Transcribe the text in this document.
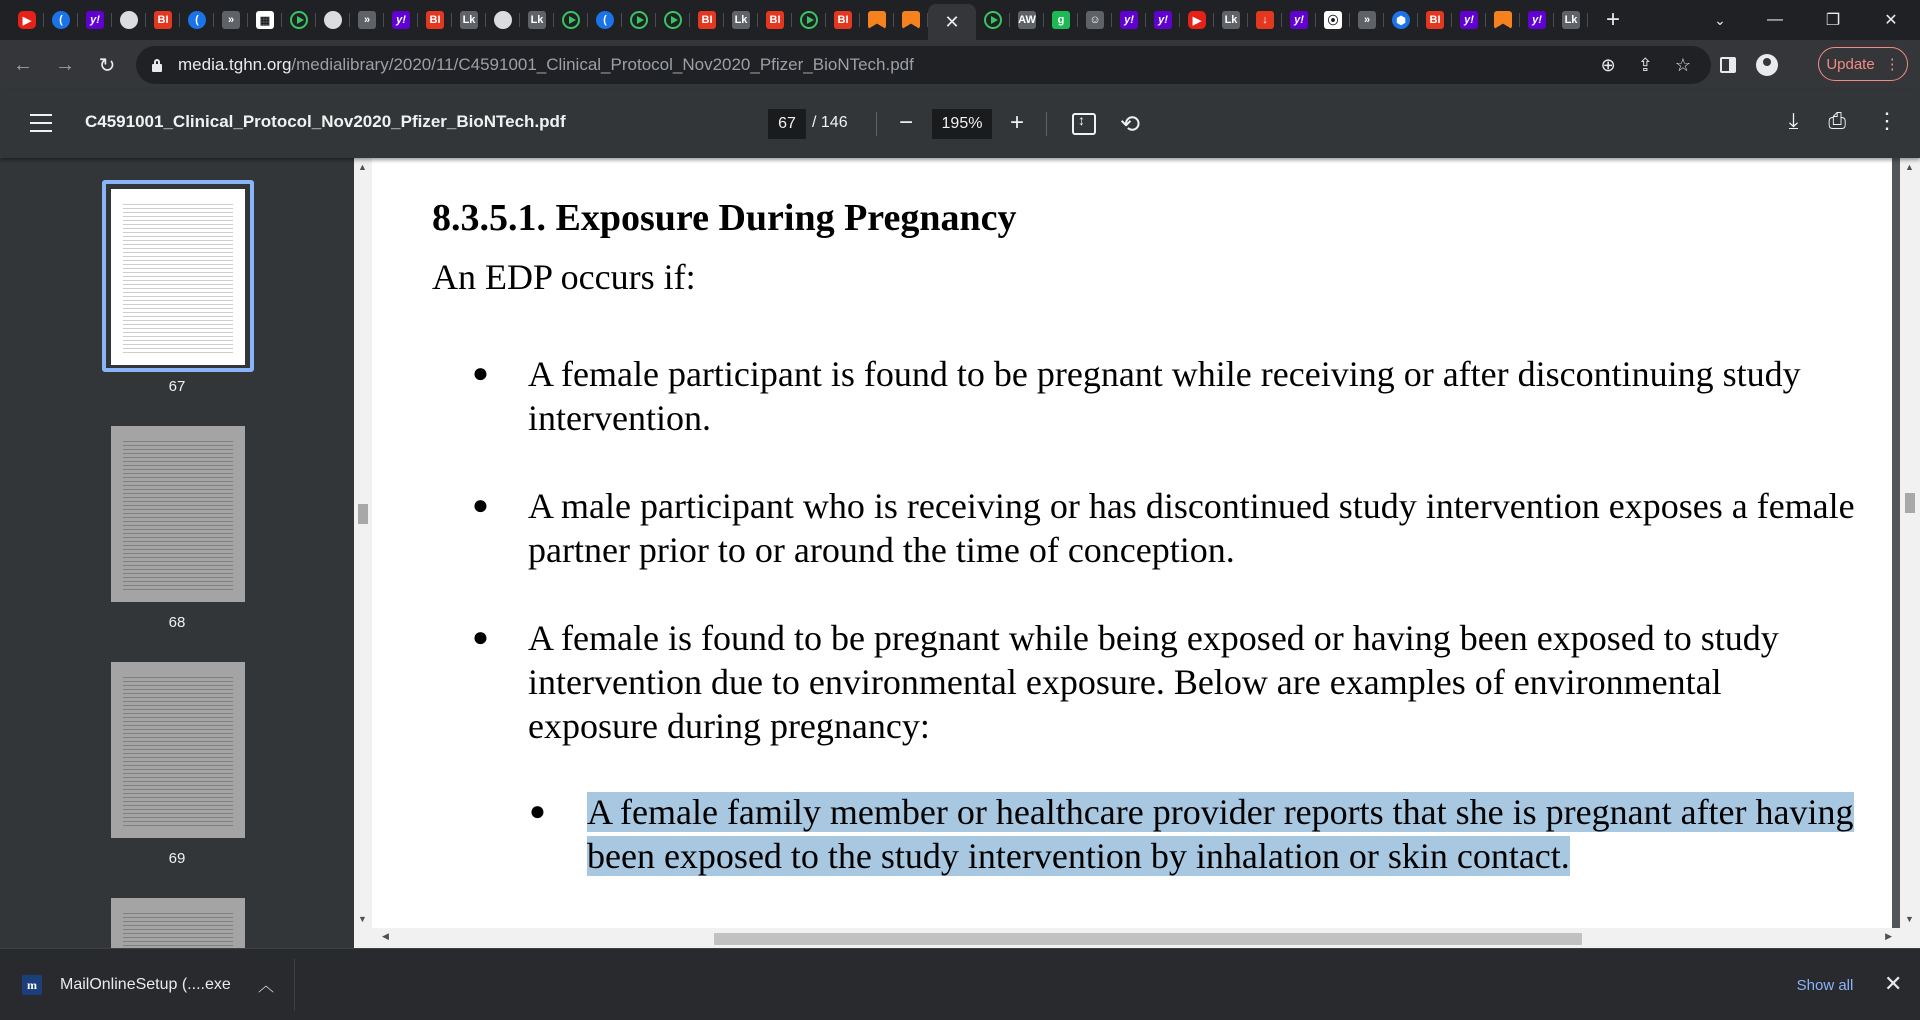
▶	(	y!	BI	(	»	▦	»	y!	BI	Lk	Lk	(	BI	Lk	BI	BI	✕	AW	g	☺	y!	y!	▶	Lk	↓	y!	⦿	»	⬢	BI	y!	y!	Lk	+	⌄	—	❐	✕
←	→	↻	media.tghn.org/medialibrary/2020/11/C4591001_Clinical_Protocol_Nov2020_Pfizer_BioNTech.pdf	⊕ ⇪ ☆	Update ⋮
C4591001_Clinical_Protocol_Nov2020_Pfizer_BioNTech.pdf	67	/ 146	−	195%	+
↕	⟲	⤓ ⎙ ⋮
67
68
69
▲
▼
8.3.5.1. Exposure During Pregnancy
An EDP occurs if:
● A female participant is found to be pregnant while receiving or after discontinuing study intervention.
● A male participant who is receiving or has discontinued study intervention exposes a female partner prior to or around the time of conception.
● A female is found to be pregnant while being exposed or having been exposed to study intervention due to environmental exposure. Below are examples of environmental exposure during pregnancy:
● A female family member or healthcare provider reports that she is pregnant after having been exposed to the study intervention by inhalation or skin contact.
▲
▼
◀	▶
m	MailOnlineSetup (....exe ︿	Show all	✕
